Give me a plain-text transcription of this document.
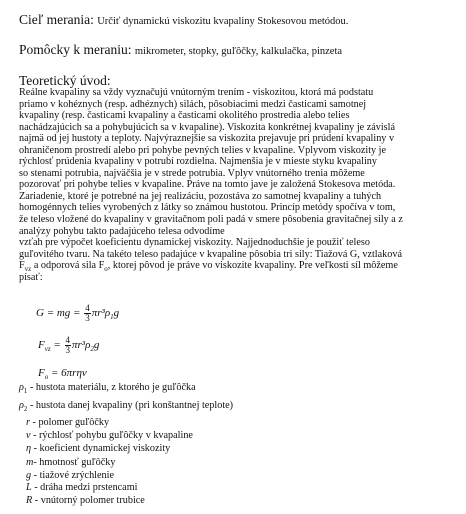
Cieľ merania: Určiť dynamickú viskozitu kvapaliny Stokesovou metódou.
Pomôcky k meraniu: mikrometer, stopky, guľôčky, kalkulačka, pinzeta
Teoretický úvod:
Reálne kvapaliny sa vždy vyznačujú vnútorným trením - viskozitou, ktorá má podstatu
priamo v kohéznych (resp. adhéznych) silách, pôsobiacimi medzi časticami samotnej
kvapaliny (resp. časticami kvapaliny a časticami okolitého prostredia alebo telies
nachádzajúcich sa a pohybujúcich sa v kvapaline). Viskozita konkrétnej kvapaliny je závislá
najmä od jej hustoty a teploty. Najvýraznejšie sa viskozita prejavuje pri prúdení kvapaliny v
ohraničenom prostredí alebo pri pohybe pevných telies v kvapaline. Vplyvom viskozity je
rýchlosť prúdenia kvapaliny v potrubí rozdielna. Najmenšia je v mieste styku kvapaliny
so stenami potrubia, najväčšia je v strede potrubia. Vplyv vnútorného trenia môžeme
pozorovať pri pohybe telies v kvapaline. Práve na tomto jave je založená Stokesova metóda.
Zariadenie, ktoré je potrebné na jej realizáciu, pozostáva zo samotnej kvapaliny a tuhých
homogénnych telies vyrobených z látky so známou hustotou. Princíp metódy spočíva v tom,
že teleso vložené do kvapaliny v gravitačnom poli padá v smere pôsobenia gravitačnej sily a z
analýzy pohybu takto padajúceho telesa odvodíme
vzťah pre výpočet koeficientu dynamickej viskozity. Najjednoduchšie je použiť teleso
guľovitého tvaru. Na takéto teleso padajúce v kvapaline pôsobia tri sily: Tiažová G, vztlaková
$F_{vz}$ a odporová sila $F_o$, ktorej pôvod je práve vo viskozite kvapaliny. Pre veľkosti síl môžeme
písať:
G = mg = $\frac{4}{3} \pi r^3\rho_1g$
$F_{vz} = \frac{4}{3} \pi r^3\rho_2g$
$F_o = 6\pi r\eta v$
$\rho_1$ - hustota materiálu, z ktorého je guľôčka
$\rho_2$ - hustota danej kvapaliny (pri konštantnej teplote)
r - polomer guľôčky
v - rýchlosť pohybu guľôčky v kvapaline
η - koeficient dynamickej viskozity
m- hmotnosť guľôčky
g - tiažové zrýchlenie
L - dráha medzi prstencami
R - vnútorný polomer trubice
